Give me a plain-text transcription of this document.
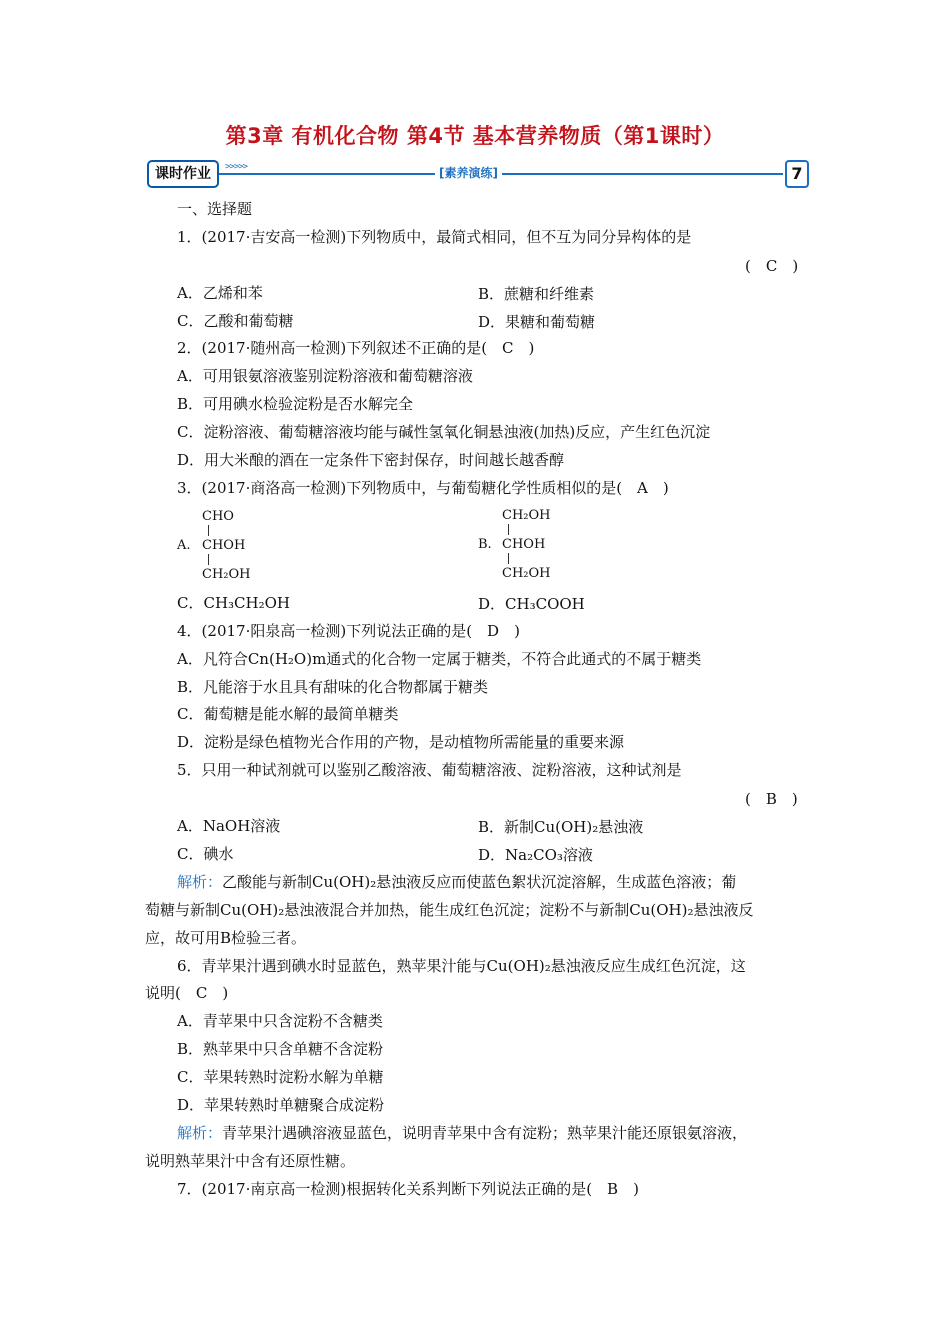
第3章 有机化合物 第4节 基本营养物质（第1课时）
课时作业	>>>>>	[素养演练]	7
一、选择题
1．(2017·吉安高一检测)下列物质中，最简式相同，但不互为同分异构体的是
(　C　)
A．乙烯和苯	B．蔗糖和纤维素
C．乙酸和葡萄糖	D．果糖和葡萄糖
2．(2017·随州高一检测)下列叙述不正确的是(　C　)
A．可用银氨溶液鉴别淀粉溶液和葡萄糖溶液
B．可用碘水检验淀粉是否水解完全
C．淀粉溶液、葡萄糖溶液均能与碱性氢氧化铜悬浊液(加热)反应，产生红色沉淀
D．用大米酿的酒在一定条件下密封保存，时间越长越香醇
3．(2017·商洛高一检测)下列物质中，与葡萄糖化学性质相似的是(　A　)
A.
CHO
CHOH
CH₂OH
B.
CH₂OH
CHOH
CH₂OH
C．CH₃CH₂OH	D．CH₃COOH
4．(2017·阳泉高一检测)下列说法正确的是(　D　)
A．凡符合Cn(H₂O)m通式的化合物一定属于糖类，不符合此通式的不属于糖类
B．凡能溶于水且具有甜味的化合物都属于糖类
C．葡萄糖是能水解的最简单糖类
D．淀粉是绿色植物光合作用的产物，是动植物所需能量的重要来源
5．只用一种试剂就可以鉴别乙酸溶液、葡萄糖溶液、淀粉溶液，这种试剂是
(　B　)
A．NaOH溶液	B．新制Cu(OH)₂悬浊液
C．碘水	D．Na₂CO₃溶液
解析：乙酸能与新制Cu(OH)₂悬浊液反应而使蓝色絮状沉淀溶解，生成蓝色溶液；葡
萄糖与新制Cu(OH)₂悬浊液混合并加热，能生成红色沉淀；淀粉不与新制Cu(OH)₂悬浊液反
应，故可用B检验三者。
6．青苹果汁遇到碘水时显蓝色，熟苹果汁能与Cu(OH)₂悬浊液反应生成红色沉淀，这
说明(　C　)
A．青苹果中只含淀粉不含糖类
B．熟苹果中只含单糖不含淀粉
C．苹果转熟时淀粉水解为单糖
D．苹果转熟时单糖聚合成淀粉
解析：青苹果汁遇碘溶液显蓝色，说明青苹果中含有淀粉；熟苹果汁能还原银氨溶液，
说明熟苹果汁中含有还原性糖。
7．(2017·南京高一检测)根据转化关系判断下列说法正确的是(　B　)
